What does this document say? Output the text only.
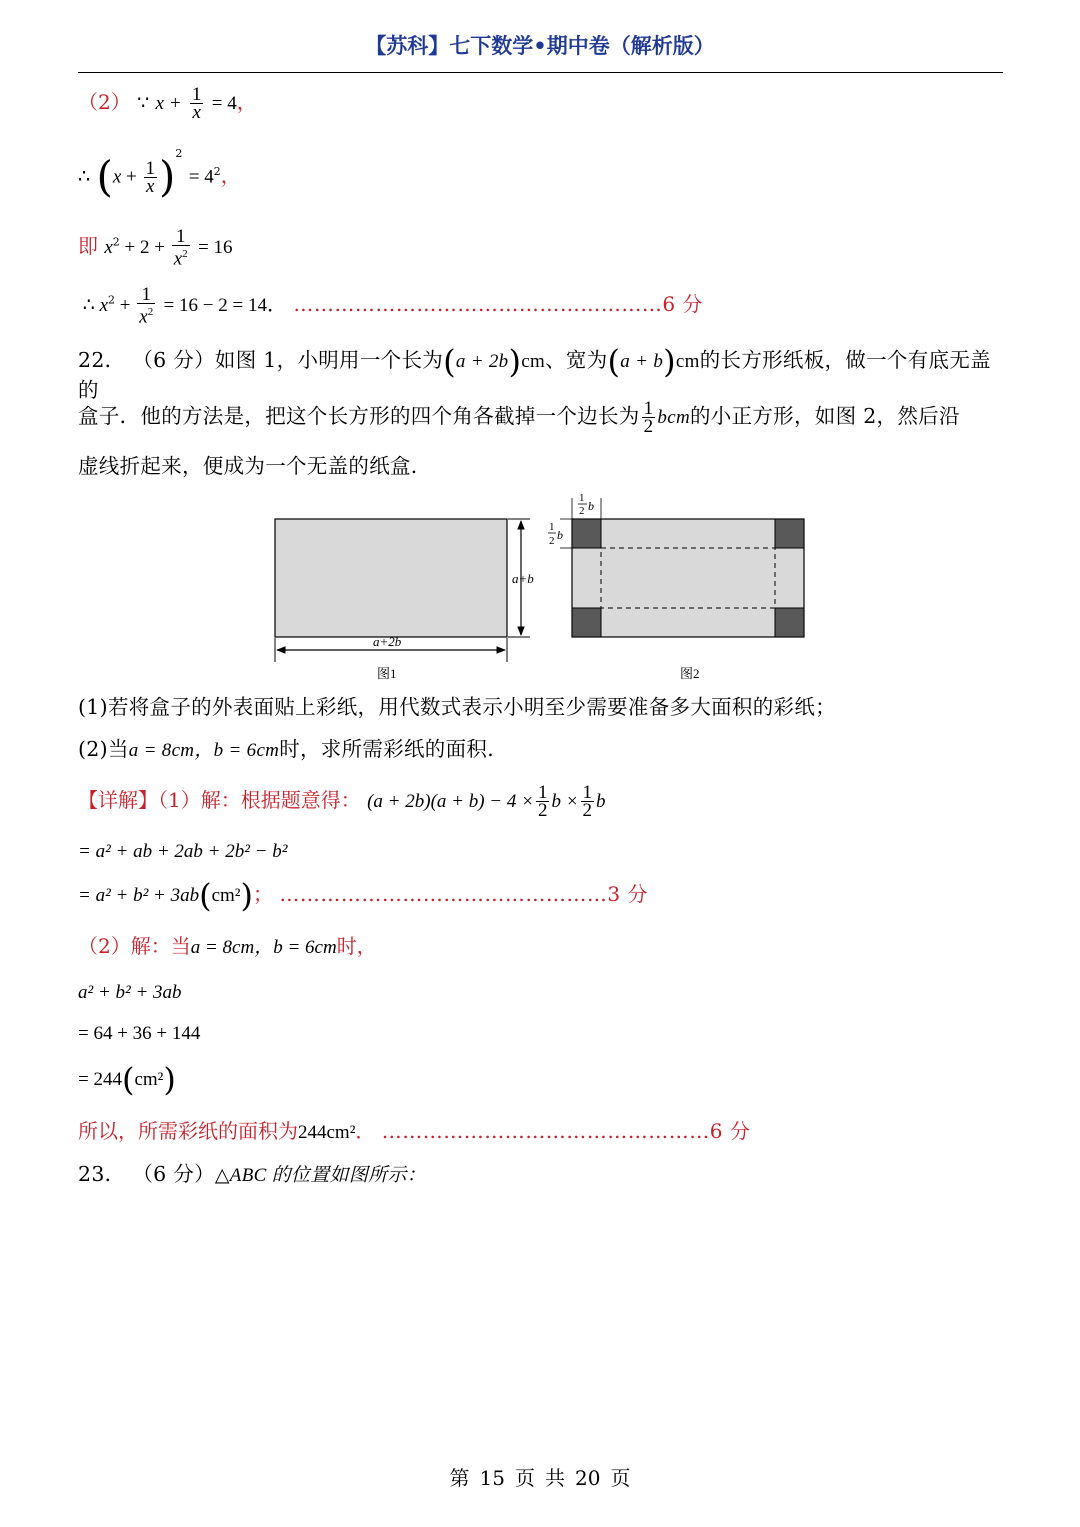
【苏科】七下数学•期中卷（解析版）
（2） ∵ $x + \frac{1}{x} = 4$，
∴ $(x + \frac{1}{x} )^2 = 4^2$，
即 $x^2 + 2 + \frac{1}{x^2} = 16$
∴ $x^2 + \frac{1}{x^2} = 16 - 2 = 14$． ………………………………………………6 分
22． （6 分）如图 1，小明用一个长为(a + 2b)cm、宽为(a + b)cm的长方形纸板，做一个有底无盖的
盒子．他的方法是，把这个长方形的四个角各截掉一个边长为 $\frac{1}{2}$ bcm的小正方形，如图 2，然后沿
虚线折起来，便成为一个无盖的纸盒．
a+b
a+2b
图1
1
2 b
1
2 b
图2
(1)若将盒子的外表面贴上彩纸，用代数式表示小明至少需要准备多大面积的彩纸；
(2)当a = 8cm，b = 6cm时，求所需彩纸的面积．
【详解】（1）解：根据题意得： $(a + 2b)(a + b) - 4 \times \frac{1}{2}$ $b \times \frac{1}{2}$ b
= a² + ab + 2ab + 2b² − b²
= a² + b² + 3ab(cm²)； …………………………………………3 分
（2）解：当a = 8cm，b = 6cm时，
a² + b² + 3ab
= 64 + 36 + 144
= 244(cm²)
所以，所需彩纸的面积为244cm²． …………………………………………6 分
23． （6 分）△ABC 的位置如图所示：
第 15 页 共 20 页
